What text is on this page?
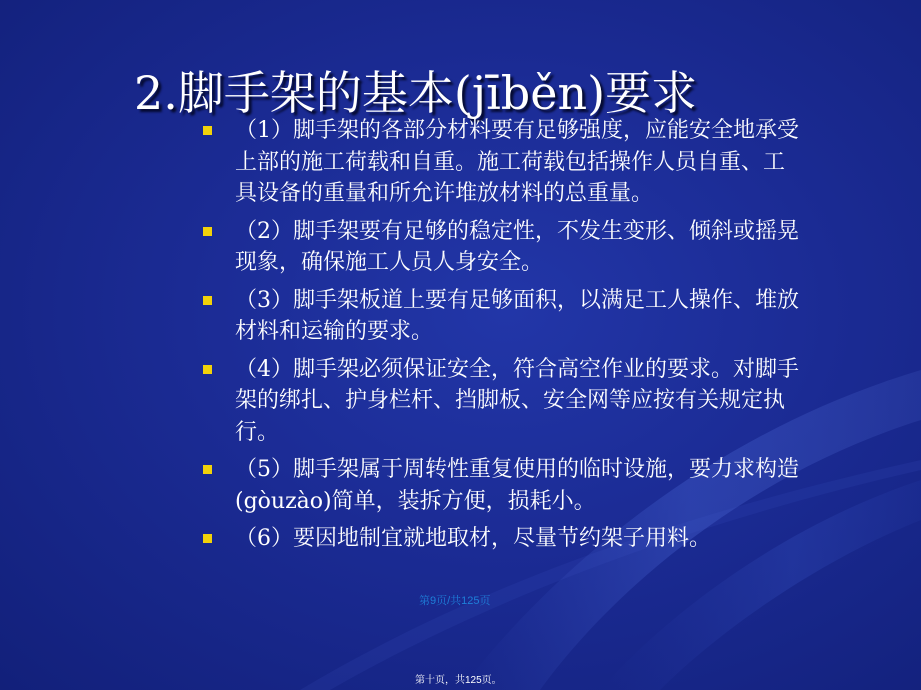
2.脚手架的基本(jīběn)要求
（1）脚手架的各部分材料要有足够强度，应能安全地承受上部的施工荷载和自重。施工荷载包括操作人员自重、工具设备的重量和所允许堆放材料的总重量。
（2）脚手架要有足够的稳定性，不发生变形、倾斜或摇晃现象，确保施工人员人身安全。
（3）脚手架板道上要有足够面积，以满足工人操作、堆放材料和运输的要求。
（4）脚手架必须保证安全，符合高空作业的要求。对脚手架的绑扎、护身栏杆、挡脚板、安全网等应按有关规定执行。
（5）脚手架属于周转性重复使用的临时设施，要力求构造(gòuzào)简单，装拆方便，损耗小。
（6）要因地制宜就地取材，尽量节约架子用料。
第9页/共125页
第十页，共125页。
